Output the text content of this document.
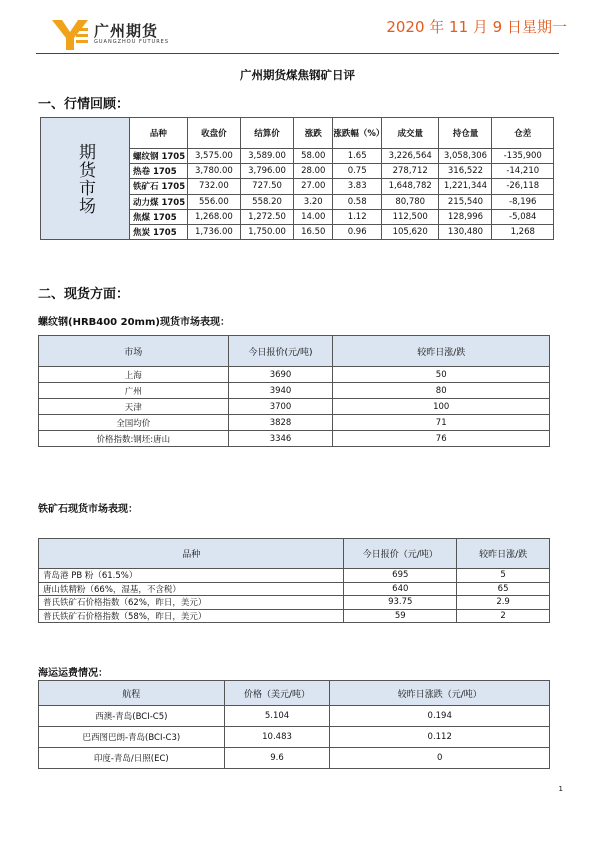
广州期货
GUANGZHOU FUTURES
2020 年 11 月 9 日星期一
广州期货煤焦钢矿日评
一、行情回顾：
期货市场	品种	收盘价	结算价	涨跌	涨跌幅（%）	成交量	持仓量	仓差
	螺纹钢 1705	3,575.00	3,589.00	58.00	1.65	3,226,564	3,058,306	-135,900
	热卷 1705	3,780.00	3,796.00	28.00	0.75	278,712	316,522	-14,210
	铁矿石 1705	732.00	727.50	27.00	3.83	1,648,782	1,221,344	-26,118
	动力煤 1705	556.00	558.20	3.20	0.58	80,780	215,540	-8,196
	焦煤 1705	1,268.00	1,272.50	14.00	1.12	112,500	128,996	-5,084
	焦炭 1705	1,736.00	1,750.00	16.50	0.96	105,620	130,480	1,268
二、现货方面：
螺纹钢(HRB400 20mm)现货市场表现：
市场	今日报价(元/吨)	较昨日涨/跌
上海	3690	50
广州	3940	80
天津	3700	100
全国均价	3828	71
价格指数:钢坯:唐山	3346	76
铁矿石现货市场表现：
品种	今日报价（元/吨）	较昨日涨/跌
青岛港 PB 粉（61.5%）	695	5
唐山铁精粉（66%，湿基，不含税）	640	65
普氏铁矿石价格指数（62%，昨日，美元）	93.75	2.9
普氏铁矿石价格指数（58%，昨日，美元）	59	2
海运运费情况：
航程	价格（美元/吨）	较昨日涨跌（元/吨）
西澳-青岛(BCI-C5)	5.104	0.194
巴西图巴朗-青岛(BCI-C3)	10.483	0.112
印度-青岛/日照(EC)	9.6	0
1
